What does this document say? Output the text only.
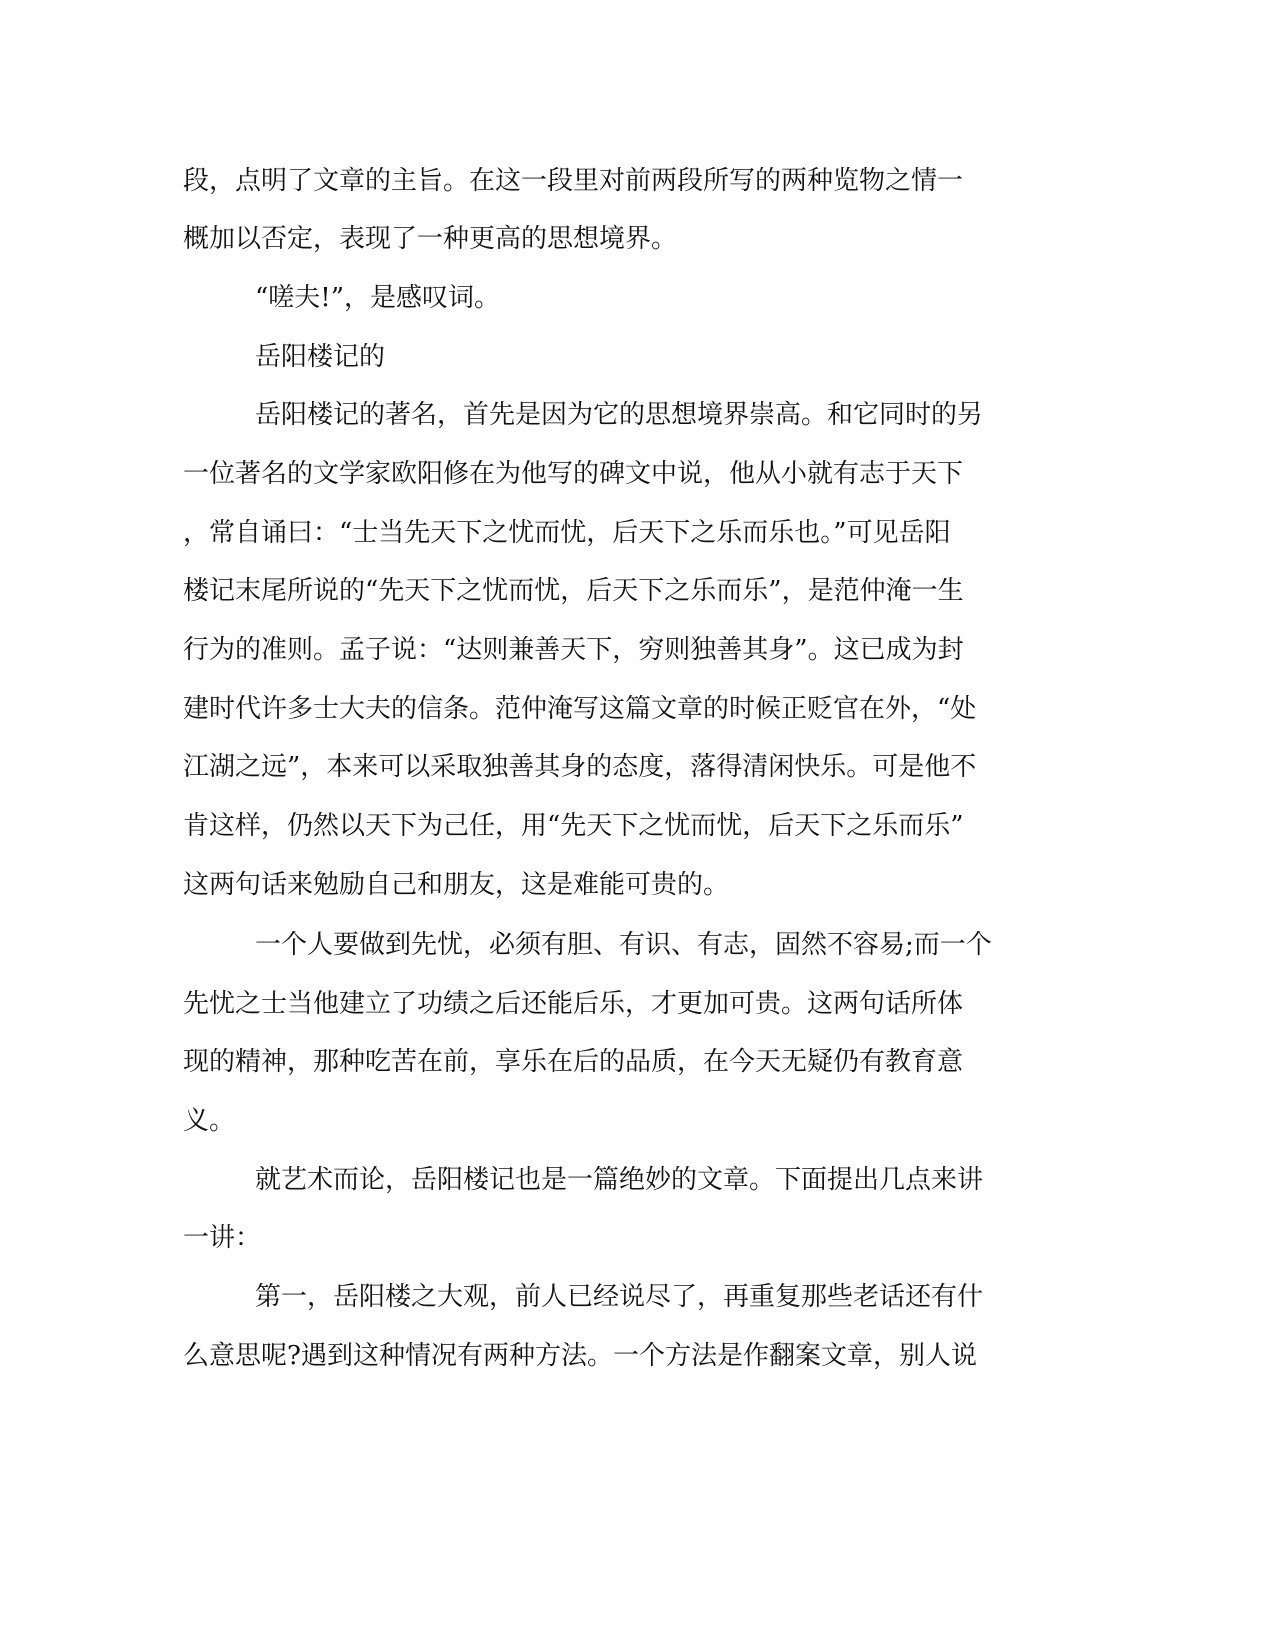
段，点明了文章的主旨。在这一段里对前两段所写的两种览物之情一
概加以否定，表现了一种更高的思想境界。
“嗟夫!”，是感叹词。
岳阳楼记的
岳阳楼记的著名，首先是因为它的思想境界崇高。和它同时的另
一位著名的文学家欧阳修在为他写的碑文中说，他从小就有志于天下
，常自诵曰：“士当先天下之忧而忧，后天下之乐而乐也。”可见岳阳
楼记末尾所说的“先天下之忧而忧，后天下之乐而乐”，是范仲淹一生
行为的准则。孟子说：“达则兼善天下，穷则独善其身”。这已成为封
建时代许多士大夫的信条。范仲淹写这篇文章的时候正贬官在外，“处
江湖之远”，本来可以采取独善其身的态度，落得清闲快乐。可是他不
肯这样，仍然以天下为己任，用“先天下之忧而忧，后天下之乐而乐”
这两句话来勉励自己和朋友，这是难能可贵的。
一个人要做到先忧，必须有胆、有识、有志，固然不容易;而一个
先忧之士当他建立了功绩之后还能后乐，才更加可贵。这两句话所体
现的精神，那种吃苦在前，享乐在后的品质，在今天无疑仍有教育意
义。
就艺术而论，岳阳楼记也是一篇绝妙的文章。下面提出几点来讲
一讲：
第一，岳阳楼之大观，前人已经说尽了，再重复那些老话还有什
么意思呢?遇到这种情况有两种方法。一个方法是作翻案文章，别人说
